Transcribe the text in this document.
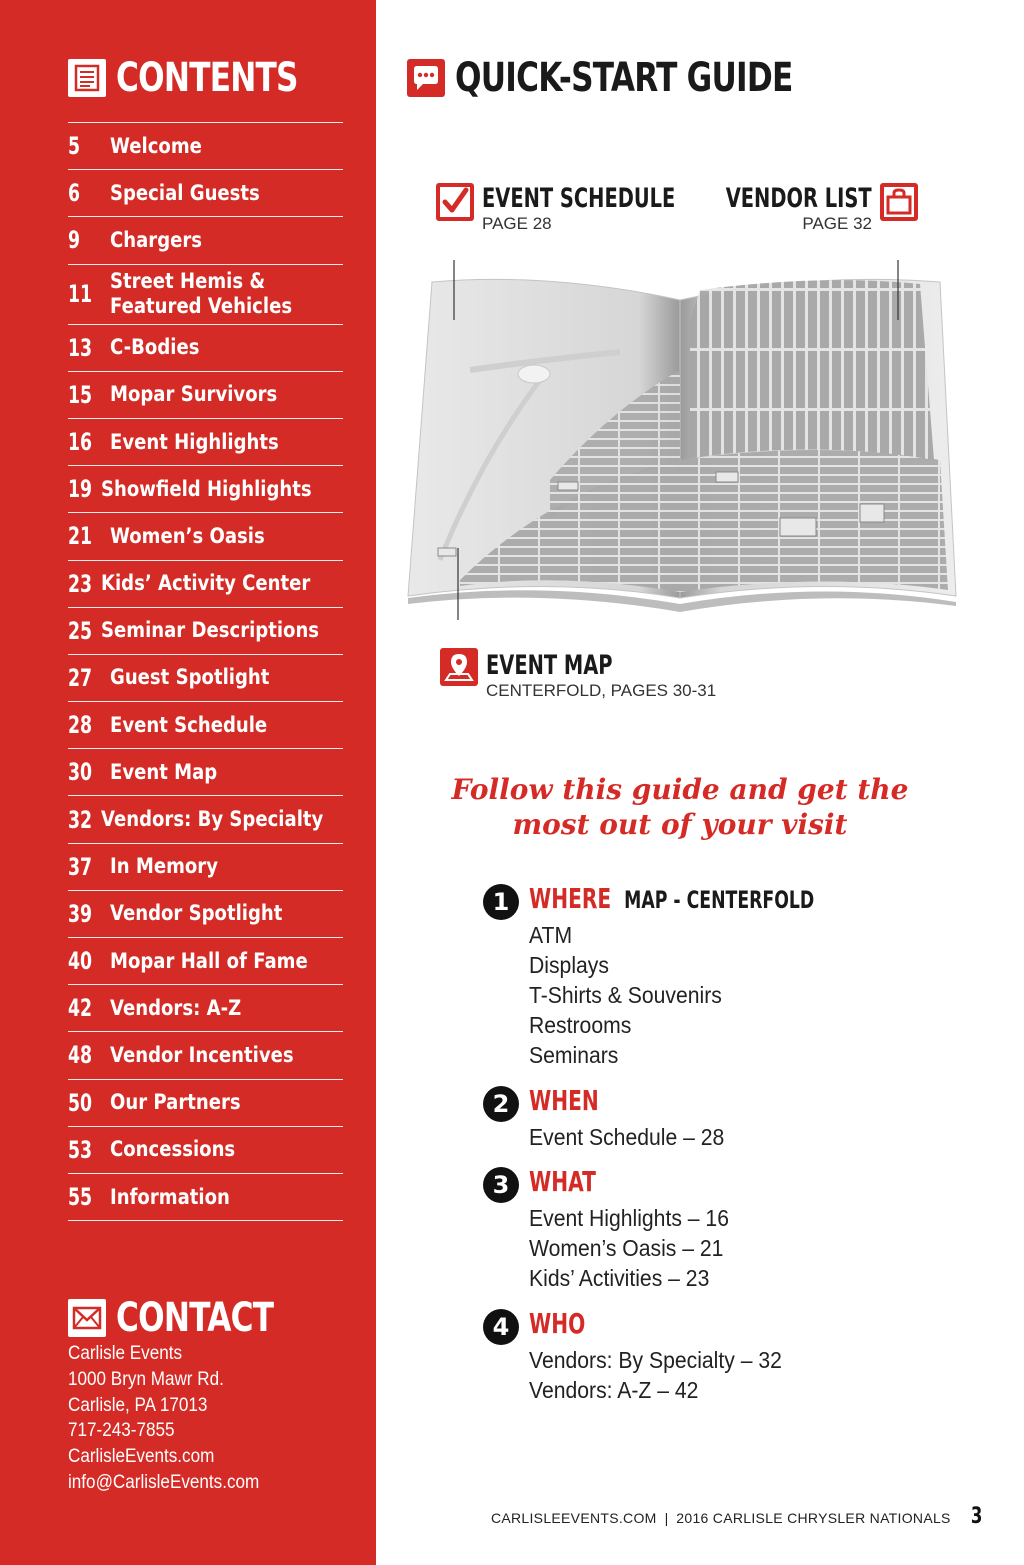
CONTENTS
5	Welcome
6	Special Guests
9	Chargers
11 Street Hemis &
Featured Vehicles
13 C-Bodies
15 Mopar Survivors
16 Event Highlights
19 Showfield Highlights
21 Women’s Oasis
23 Kids’ Activity Center
25 Seminar Descriptions
27 Guest Spotlight
28 Event Schedule
30 Event Map
32 Vendors: By Specialty
37 In Memory
39 Vendor Spotlight
40 Mopar Hall of Fame
42 Vendors: A-Z
48 Vendor Incentives
50 Our Partners
53 Concessions
55 Information
CONTACT
Carlisle Events
1000 Bryn Mawr Rd.
Carlisle, PA 17013
717-243-7855
CarlisleEvents.com
info@CarlisleEvents.com
QUICK-START GUIDE
EVENT SCHEDULE
PAGE 28
VENDOR LIST
PAGE 32
EVENT MAP
CENTERFOLD, PAGES 30-31
Follow this guide and get the
most out of your visit
1 WHERE MAP - CENTERFOLD
ATM
Displays
T-Shirts & Souvenirs
Restrooms
Seminars
2 WHEN
Event Schedule – 28
3 WHAT
Event Highlights – 16
Women’s Oasis – 21
Kids’ Activities – 23
4 WHO
Vendors: By Specialty – 32
Vendors: A-Z – 42
CARLISLEEVENTS.COM | 2016 CARLISLE CHRYSLER NATIONALS 3
